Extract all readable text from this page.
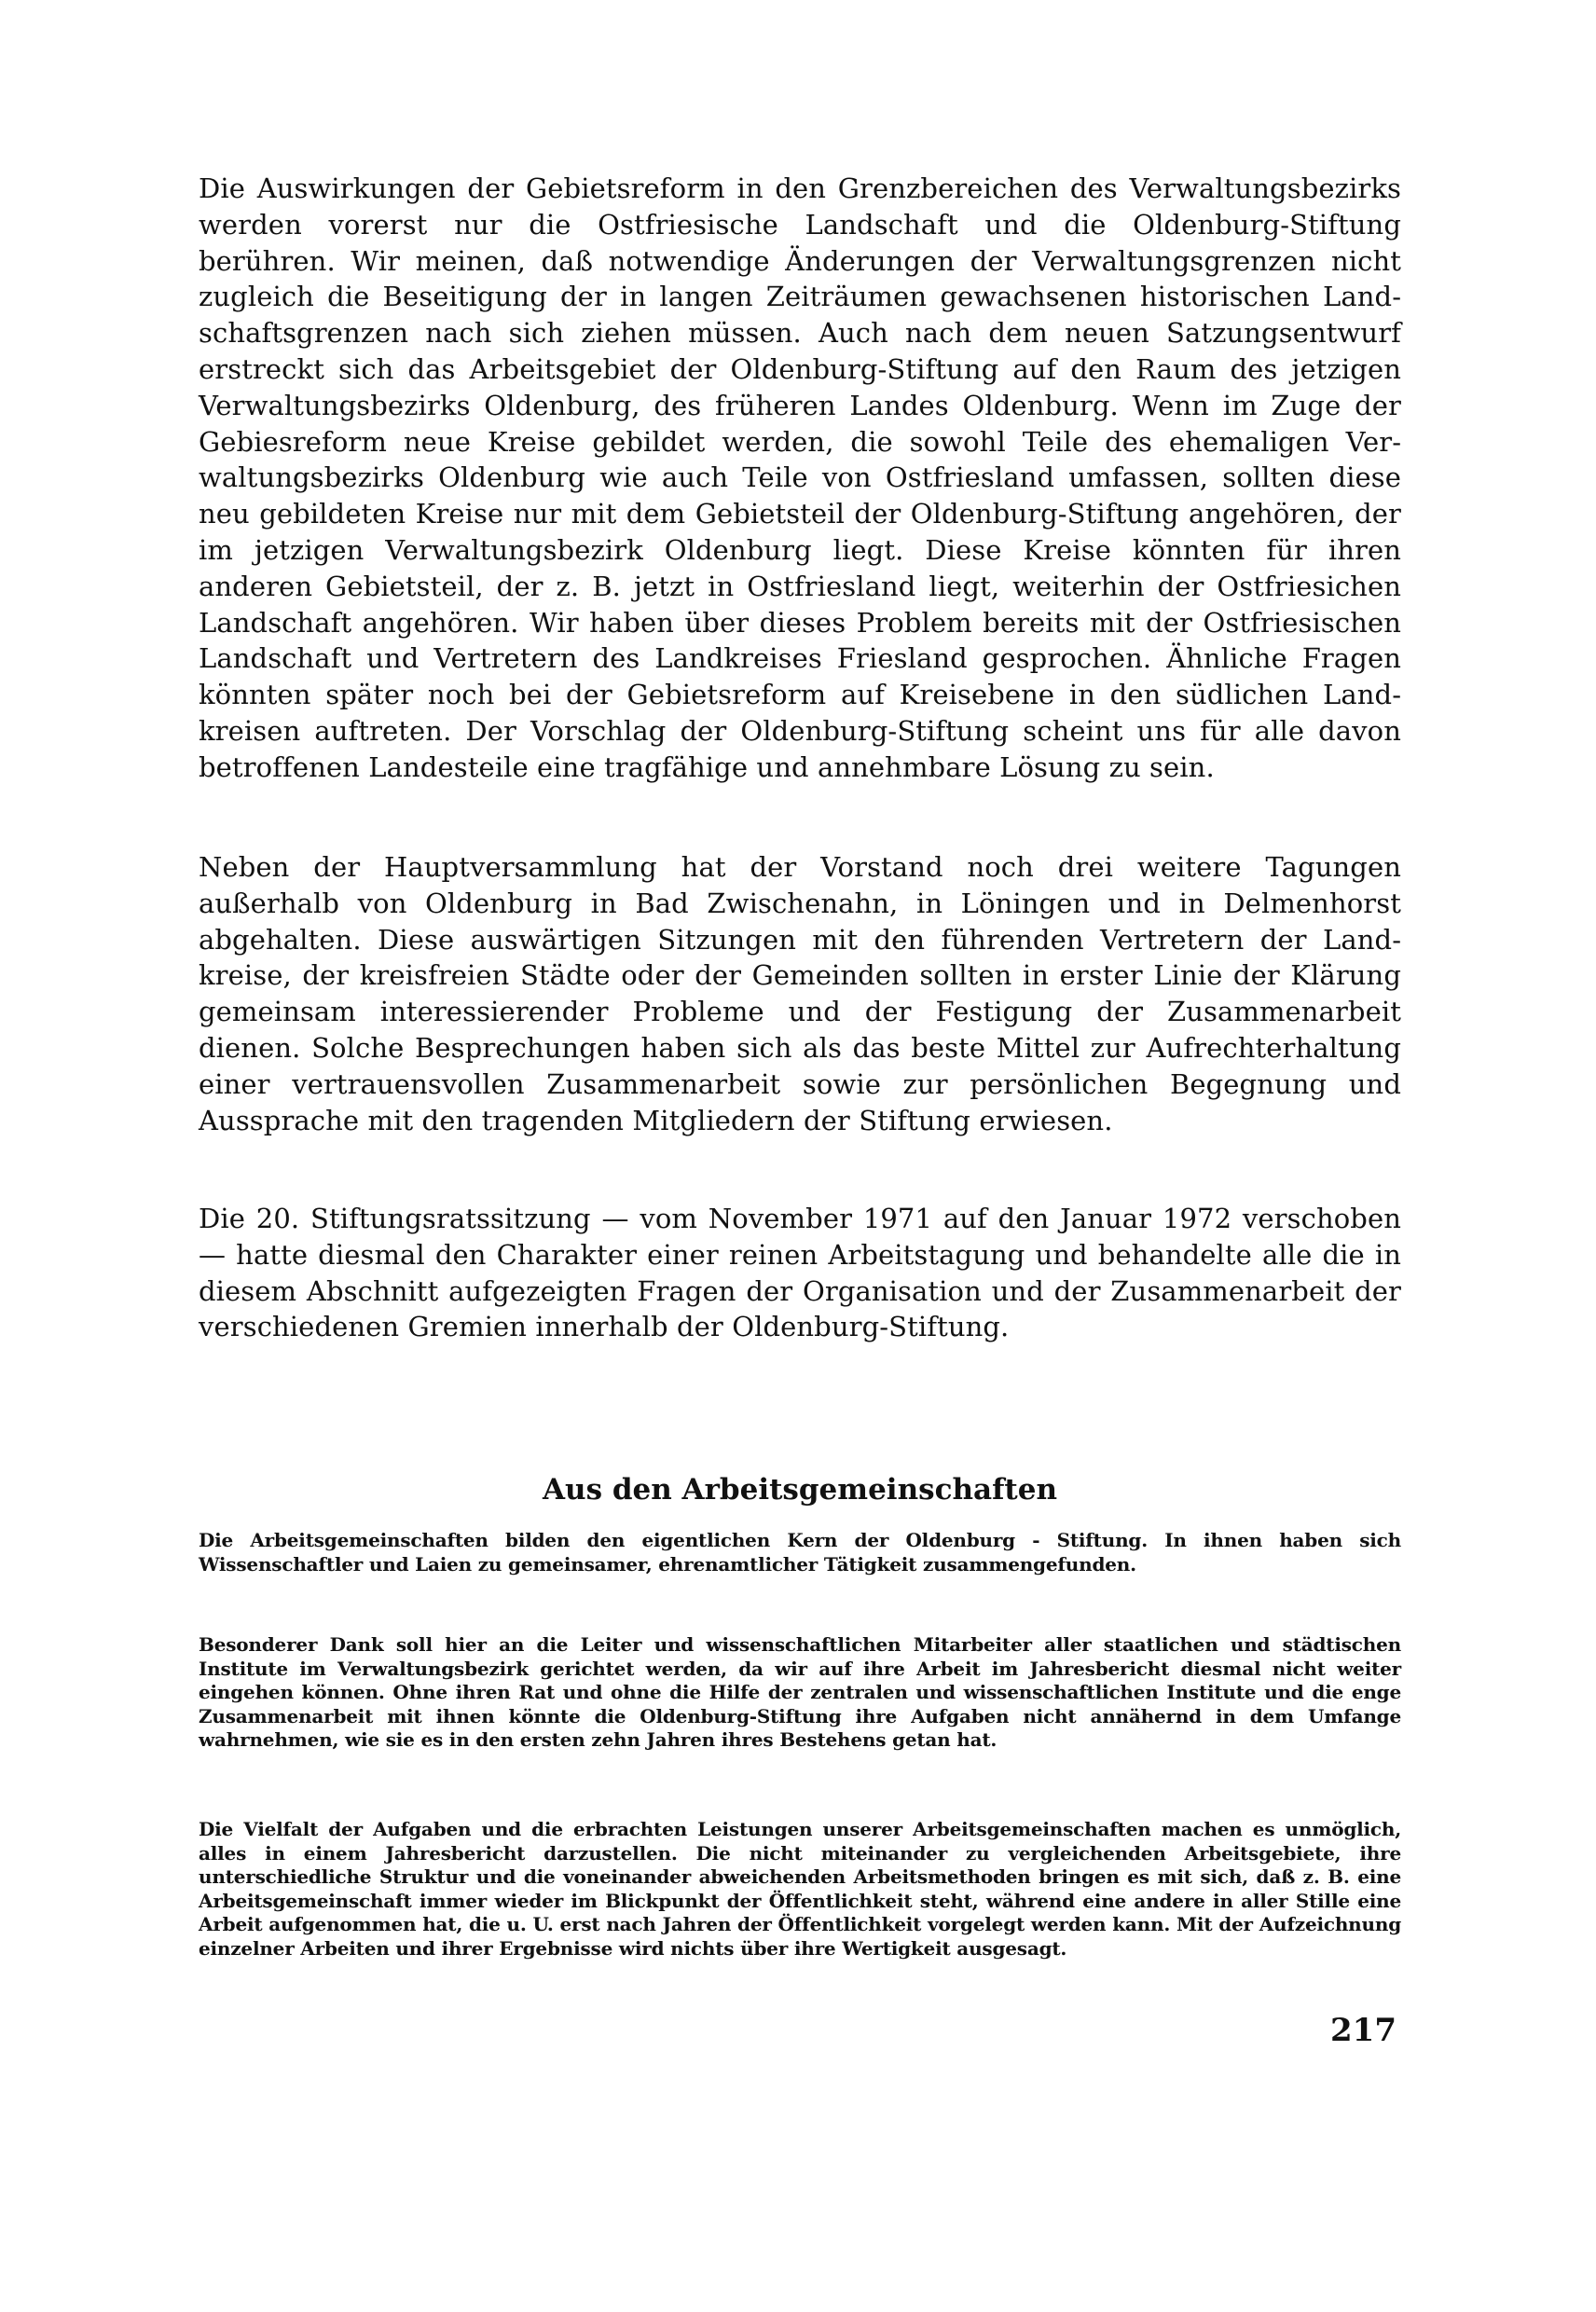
Die Auswirkungen der Gebietsreform in den Grenzbereichen des Verwaltungsbezirks werden vorerst nur die Ostfriesische Landschaft und die Oldenburg-Stiftung berühren. Wir meinen, daß notwendige Änderungen der Verwaltungsgrenzen nicht zugleich die Beseitigung der in langen Zeiträumen gewachsenen historischen Landschaftsgrenzen nach sich ziehen müssen. Auch nach dem neuen Satzungsentwurf erstreckt sich das Arbeitsgebiet der Oldenburg-Stiftung auf den Raum des jetzigen Verwaltungsbezirks Oldenburg, des früheren Landes Oldenburg. Wenn im Zuge der Gebiesreform neue Kreise gebildet werden, die sowohl Teile des ehemaligen Verwaltungsbezirks Oldenburg wie auch Teile von Ostfriesland umfassen, sollten diese neu gebildeten Kreise nur mit dem Gebietsteil der Oldenburg-Stiftung angehören, der im jetzigen Verwaltungsbezirk Oldenburg liegt. Diese Kreise könnten für ihren anderen Gebietsteil, der z. B. jetzt in Ostfriesland liegt, weiterhin der Ostfriesichen Landschaft angehören. Wir haben über dieses Problem bereits mit der Ostfriesischen Landschaft und Vertretern des Landkreises Friesland gesprochen. Ähnliche Fragen könnten später noch bei der Gebietsreform auf Kreisebene in den südlichen Landkreisen auftreten. Der Vorschlag der Oldenburg-Stiftung scheint uns für alle davon betroffenen Landesteile eine tragfähige und annehmbare Lösung zu sein.

Neben der Hauptversammlung hat der Vorstand noch drei weitere Tagungen außerhalb von Oldenburg in Bad Zwischenahn, in Löningen und in Delmenhorst abgehalten. Diese auswärtigen Sitzungen mit den führenden Vertretern der Landkreise, der kreisfreien Städte oder der Gemeinden sollten in erster Linie der Klärung gemeinsam interessierender Probleme und der Festigung der Zusammenarbeit dienen. Solche Besprechungen haben sich als das beste Mittel zur Aufrechterhaltung einer vertrauensvollen Zusammenarbeit sowie zur persönlichen Begegnung und Aussprache mit den tragenden Mitgliedern der Stiftung erwiesen.

Die 20. Stiftungsratssitzung — vom November 1971 auf den Januar 1972 verschoben — hatte diesmal den Charakter einer reinen Arbeitstagung und behandelte alle die in diesem Abschnitt aufgezeigten Fragen der Organisation und der Zusammenarbeit der verschiedenen Gremien innerhalb der Oldenburg-Stiftung.

Aus den Arbeitsgemeinschaften

Die Arbeitsgemeinschaften bilden den eigentlichen Kern der Oldenburg - Stiftung. In ihnen haben sich Wissenschaftler und Laien zu gemeinsamer, ehrenamtlicher Tätigkeit zusammengefunden.

Besonderer Dank soll hier an die Leiter und wissenschaftlichen Mitarbeiter aller staatlichen und städtischen Institute im Verwaltungsbezirk gerichtet werden, da wir auf ihre Arbeit im Jahresbericht diesmal nicht weiter eingehen können. Ohne ihren Rat und ohne die Hilfe der zentralen und wissenschaftlichen Institute und die enge Zusammenarbeit mit ihnen könnte die Oldenburg-Stiftung ihre Aufgaben nicht annähernd in dem Umfange wahrnehmen, wie sie es in den ersten zehn Jahren ihres Bestehens getan hat.

Die Vielfalt der Aufgaben und die erbrachten Leistungen unserer Arbeitsgemeinschaften machen es unmöglich, alles in einem Jahresbericht darzustellen. Die nicht miteinander zu vergleichenden Arbeitsgebiete, ihre unterschiedliche Struktur und die voneinander abweichenden Arbeitsmethoden bringen es mit sich, daß z. B. eine Arbeitsgemeinschaft immer wieder im Blickpunkt der Öffentlichkeit steht, während eine andere in aller Stille eine Arbeit aufgenommen hat, die u. U. erst nach Jahren der Öffentlichkeit vorgelegt werden kann. Mit der Aufzeichnung einzelner Arbeiten und ihrer Ergebnisse wird nichts über ihre Wertigkeit ausgesagt.

217
